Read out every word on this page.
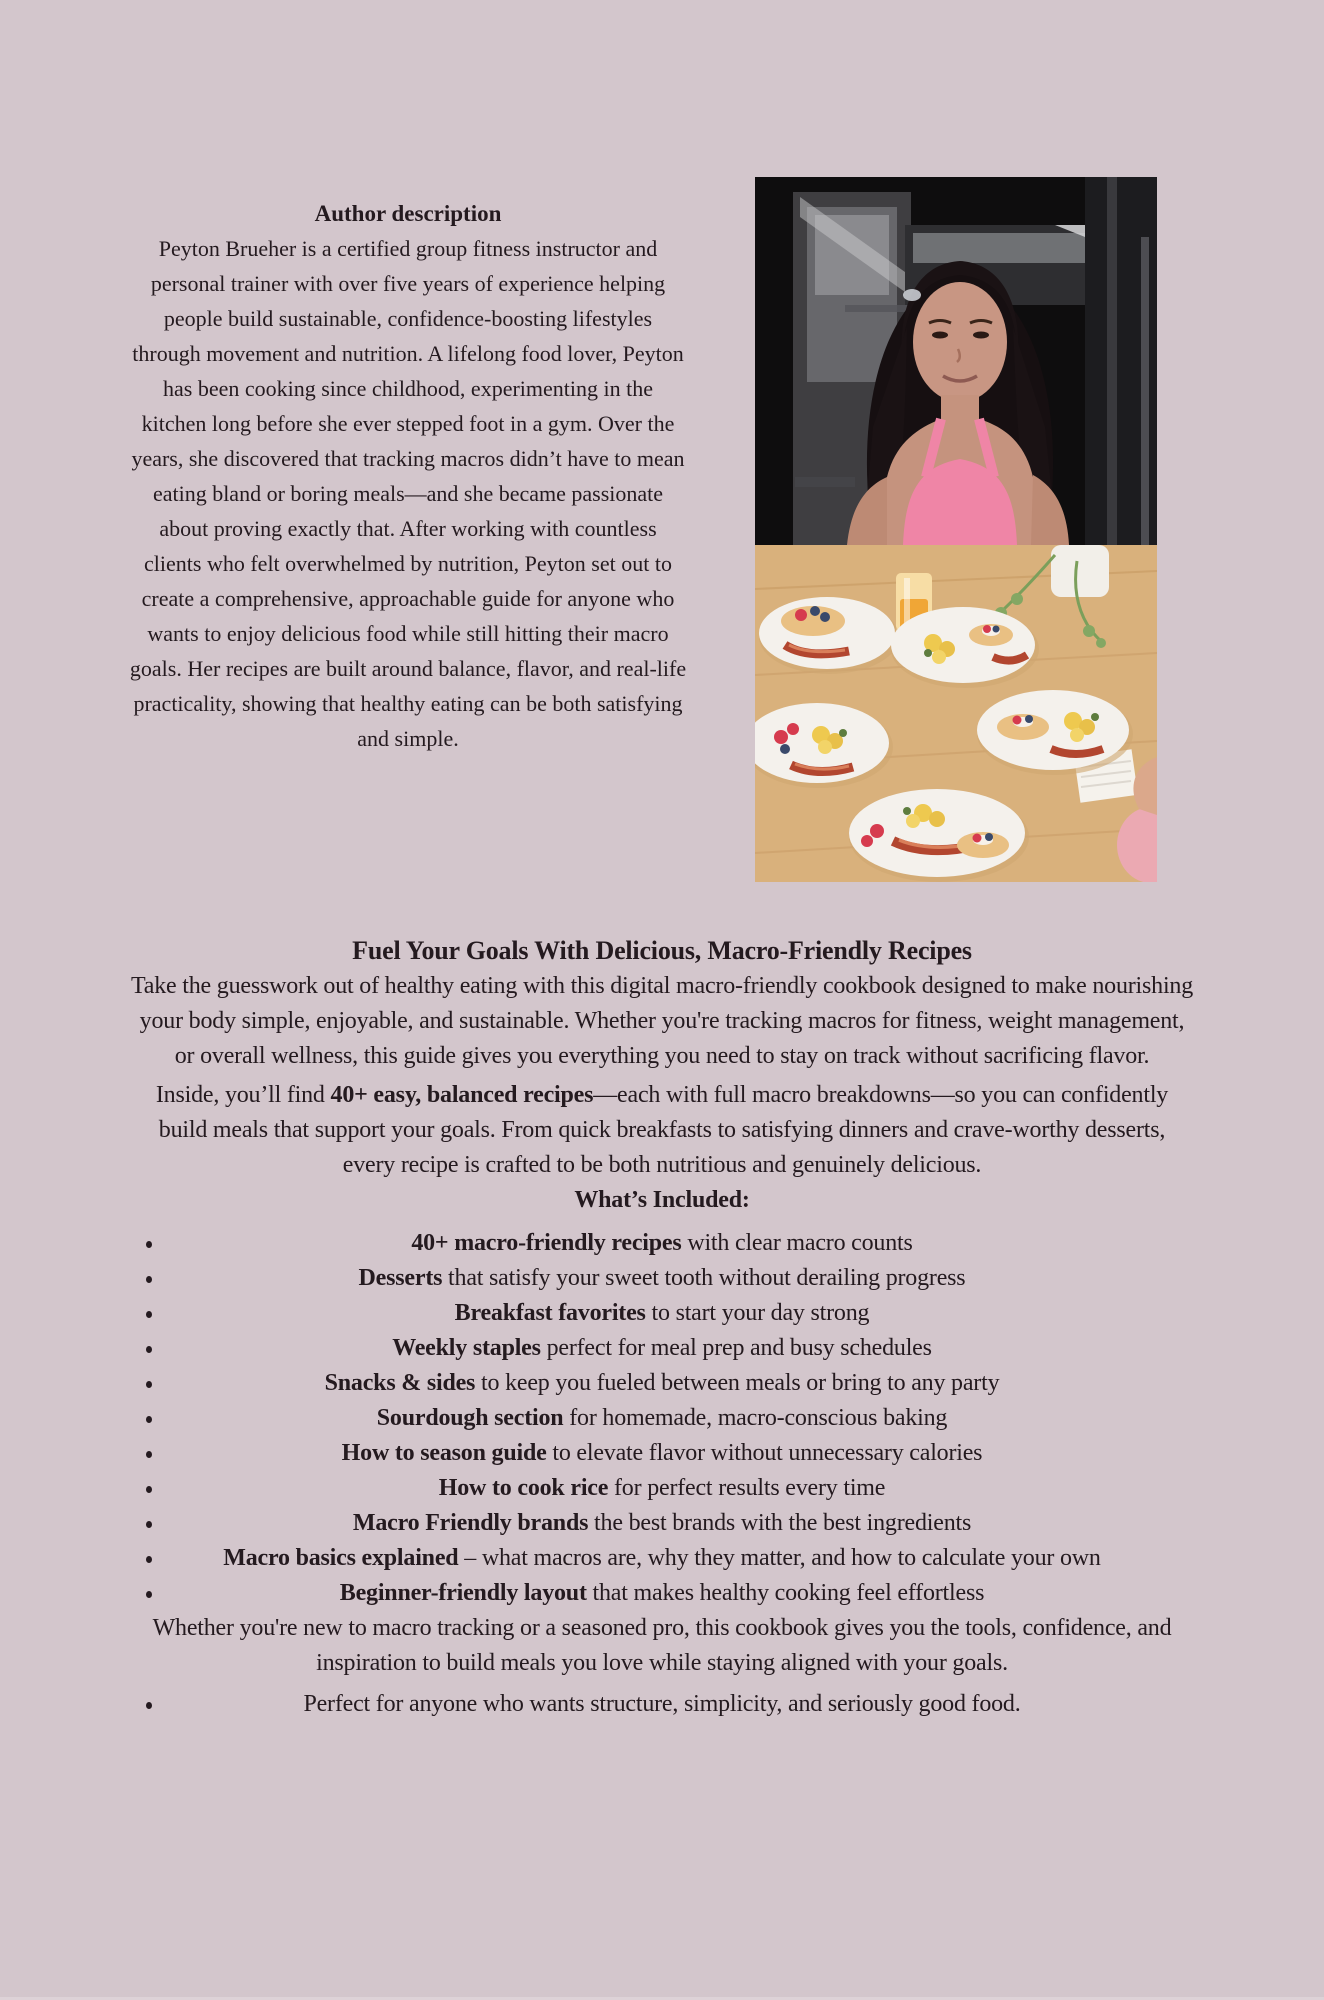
Author description

Peyton Brueher is a certified group fitness instructor and personal trainer with over five years of experience helping people build sustainable, confidence-boosting lifestyles through movement and nutrition. A lifelong food lover, Peyton has been cooking since childhood, experimenting in the kitchen long before she ever stepped foot in a gym. Over the years, she discovered that tracking macros didn’t have to mean eating bland or boring meals—and she became passionate about proving exactly that. After working with countless clients who felt overwhelmed by nutrition, Peyton set out to create a comprehensive, approachable guide for anyone who wants to enjoy delicious food while still hitting their macro goals. Her recipes are built around balance, flavor, and real-life practicality, showing that healthy eating can be both satisfying and simple.

Fuel Your Goals With Delicious, Macro-Friendly Recipes

Take the guesswork out of healthy eating with this digital macro-friendly cookbook designed to make nourishing your body simple, enjoyable, and sustainable. Whether you're tracking macros for fitness, weight management, or overall wellness, this guide gives you everything you need to stay on track without sacrificing flavor.

Inside, you’ll find 40+ easy, balanced recipes—each with full macro breakdowns—so you can confidently build meals that support your goals. From quick breakfasts to satisfying dinners and crave-worthy desserts, every recipe is crafted to be both nutritious and genuinely delicious.

What’s Included:
40+ macro-friendly recipes with clear macro counts
Desserts that satisfy your sweet tooth without derailing progress
Breakfast favorites to start your day strong
Weekly staples perfect for meal prep and busy schedules
Snacks & sides to keep you fueled between meals or bring to any party
Sourdough section for homemade, macro-conscious baking
How to season guide to elevate flavor without unnecessary calories
How to cook rice for perfect results every time
Macro Friendly brands the best brands with the best ingredients
Macro basics explained – what macros are, why they matter, and how to calculate your own
Beginner-friendly layout that makes healthy cooking feel effortless

Whether you're new to macro tracking or a seasoned pro, this cookbook gives you the tools, confidence, and inspiration to build meals you love while staying aligned with your goals.

Perfect for anyone who wants structure, simplicity, and seriously good food.
